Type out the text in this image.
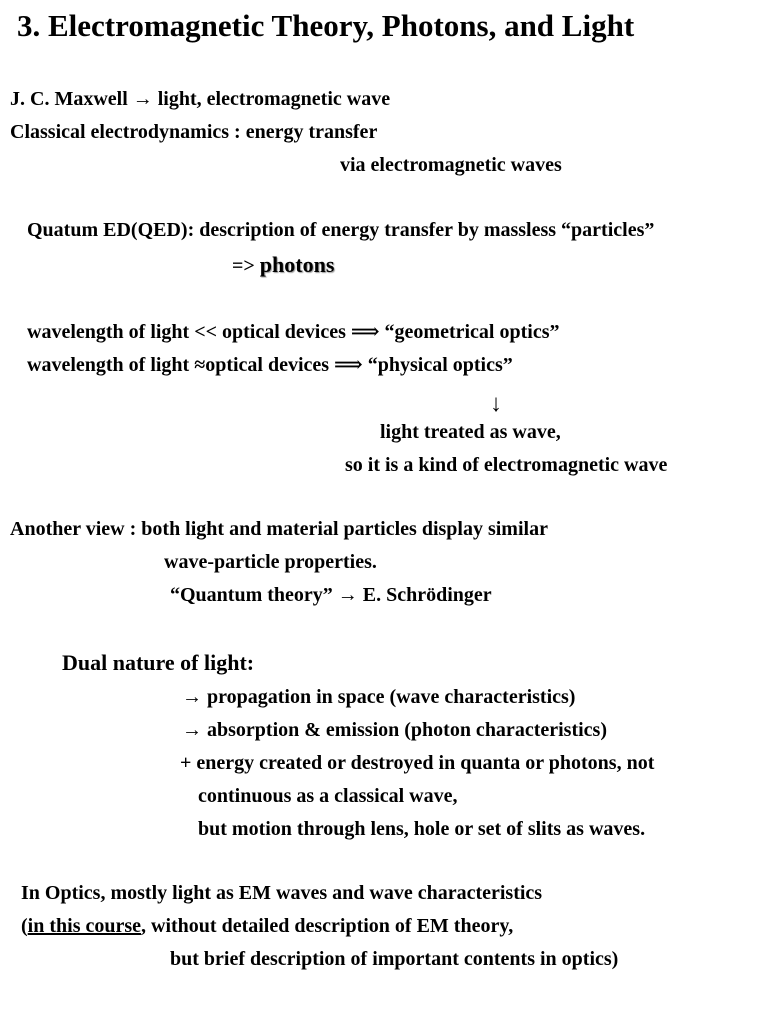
3. Electromagnetic Theory, Photons, and Light
J. C. Maxwell → light, electromagnetic wave
Classical electrodynamics : energy transfer
via electromagnetic waves
Quatum ED(QED): description of energy transfer by massless “particles”
=> photons
wavelength of light << optical devices ⟹ “geometrical optics”
wavelength of light ≈optical devices ⟹ “physical optics”
↓
light treated as wave,
so it is a kind of electromagnetic wave
Another view : both light and material particles display similar
wave-particle properties.
“Quantum theory” → E. Schrödinger
Dual nature of light:
→ propagation in space (wave characteristics)
→ absorption & emission (photon characteristics)
+ energy created or destroyed in quanta or photons, not
continuous as a classical wave,
but motion through lens, hole or set of slits as waves.
In Optics, mostly light as EM waves and wave characteristics
(in this course, without detailed description of EM theory,
but brief description of important contents in optics)
